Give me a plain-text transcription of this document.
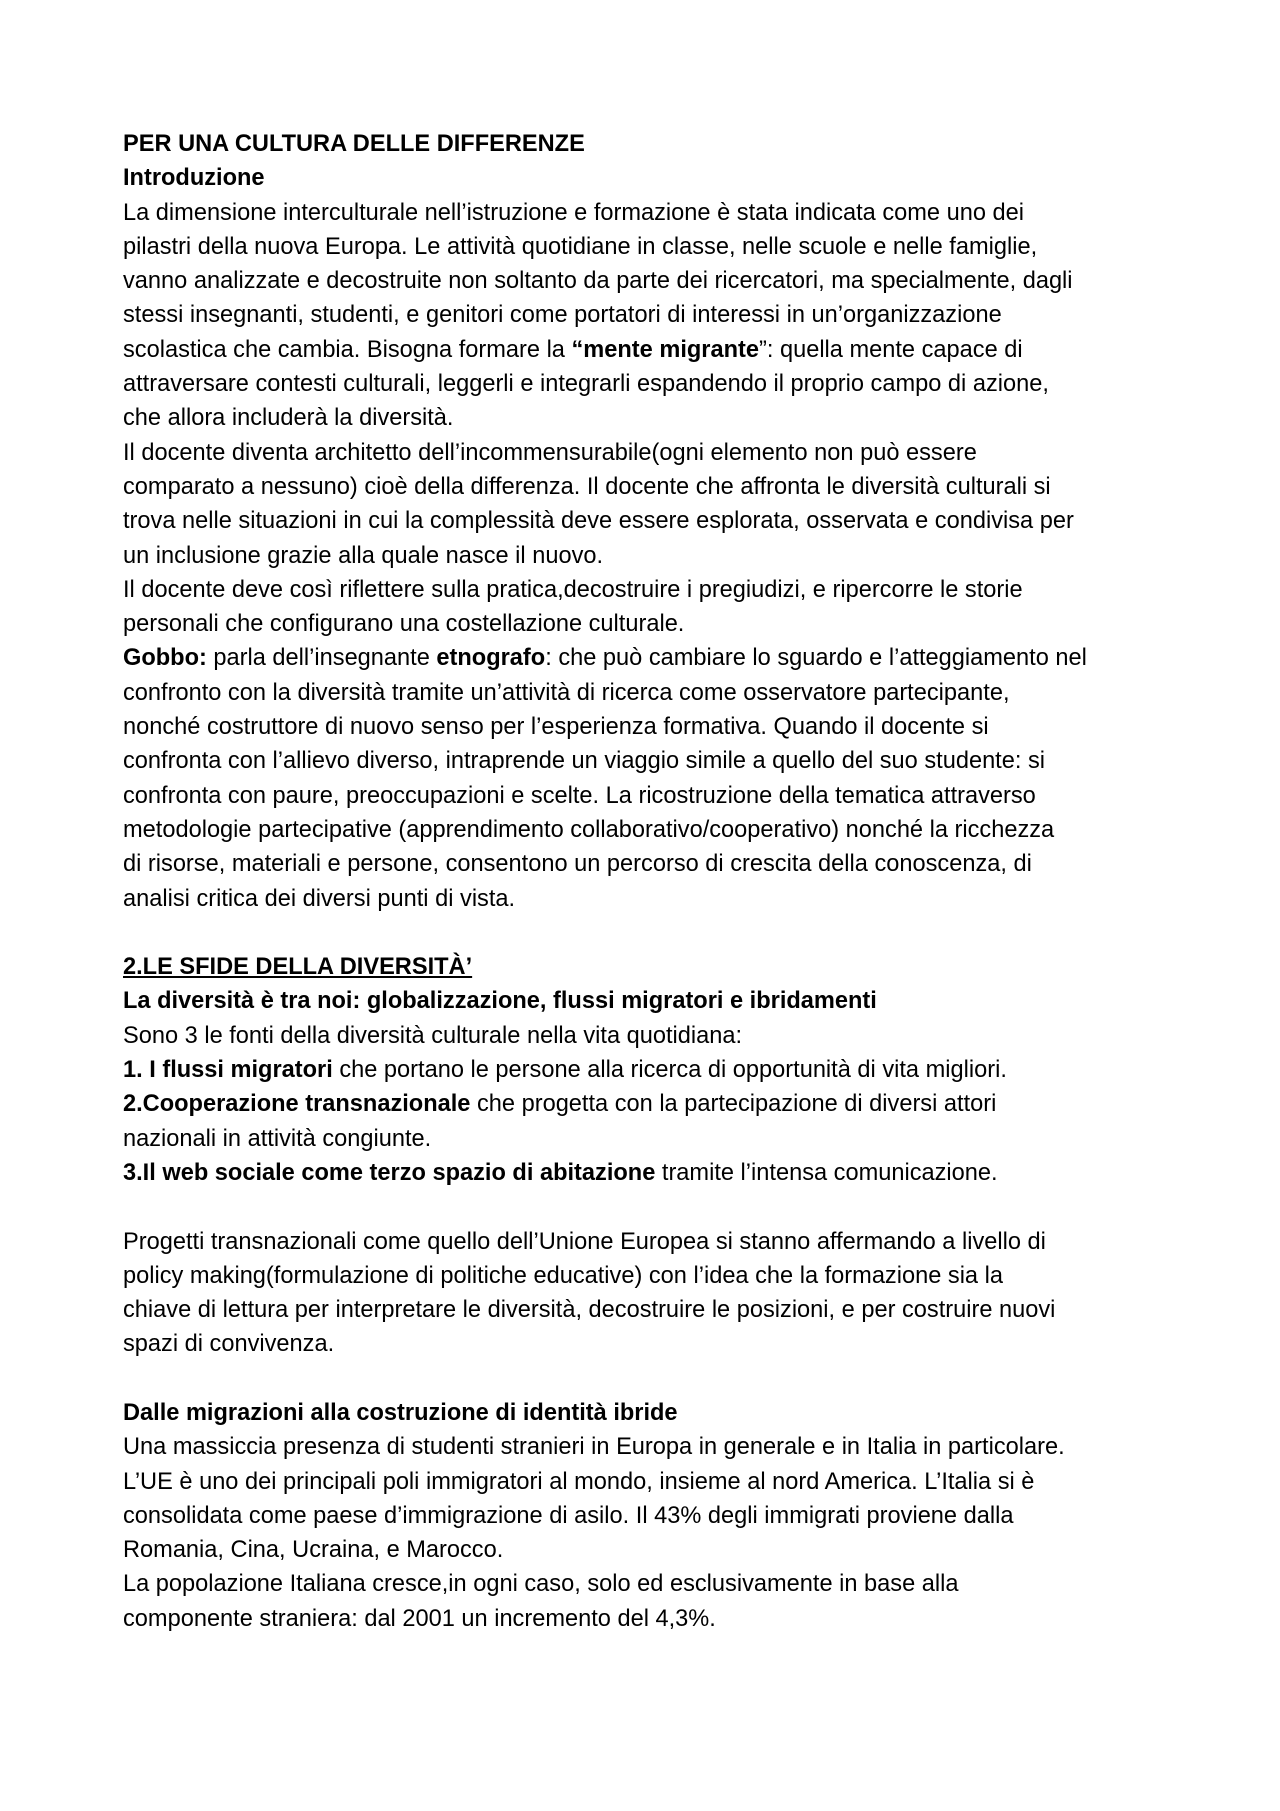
PER UNA CULTURA DELLE DIFFERENZE
Introduzione
La dimensione interculturale nell’istruzione e formazione è stata indicata come uno dei
pilastri della nuova Europa. Le attività quotidiane in classe, nelle scuole e nelle famiglie,
vanno analizzate e decostruite non soltanto da parte dei ricercatori, ma specialmente, dagli
stessi insegnanti, studenti, e genitori come portatori di interessi in un’organizzazione
scolastica che cambia. Bisogna formare la “mente migrante”: quella mente capace di
attraversare contesti culturali, leggerli e integrarli espandendo il proprio campo di azione,
che allora includerà la diversità.
Il docente diventa architetto dell’incommensurabile(ogni elemento non può essere
comparato a nessuno) cioè della differenza. Il docente che affronta le diversità culturali si
trova nelle situazioni in cui la complessità deve essere esplorata, osservata e condivisa per
un inclusione grazie alla quale nasce il nuovo.
Il docente deve così riflettere sulla pratica,decostruire i pregiudizi, e ripercorre le storie
personali che configurano una costellazione culturale.
Gobbo: parla dell’insegnante etnografo: che può cambiare lo sguardo e l’atteggiamento nel
confronto con la diversità tramite un’attività di ricerca come osservatore partecipante,
nonché costruttore di nuovo senso per l’esperienza formativa. Quando il docente si
confronta con l’allievo diverso, intraprende un viaggio simile a quello del suo studente: si
confronta con paure, preoccupazioni e scelte. La ricostruzione della tematica attraverso
metodologie partecipative (apprendimento collaborativo/cooperativo) nonché la ricchezza
di risorse, materiali e persone, consentono un percorso di crescita della conoscenza, di
analisi critica dei diversi punti di vista.
2.LE SFIDE DELLA DIVERSITÀ’
La diversità è tra noi: globalizzazione, flussi migratori e ibridamenti
Sono 3 le fonti della diversità culturale nella vita quotidiana:
1. I flussi migratori che portano le persone alla ricerca di opportunità di vita migliori.
2.Cooperazione transnazionale che progetta con la partecipazione di diversi attori
nazionali in attività congiunte.
3.Il web sociale come terzo spazio di abitazione tramite l’intensa comunicazione.
Progetti transnazionali come quello dell’Unione Europea si stanno affermando a livello di
policy making(formulazione di politiche educative) con l’idea che la formazione sia la
chiave di lettura per interpretare le diversità, decostruire le posizioni, e per costruire nuovi
spazi di convivenza.
Dalle migrazioni alla costruzione di identità ibride
Una massiccia presenza di studenti stranieri in Europa in generale e in Italia in particolare.
L’UE è uno dei principali poli immigratori al mondo, insieme al nord America. L’Italia si è
consolidata come paese d’immigrazione di asilo. Il 43% degli immigrati proviene dalla
Romania, Cina, Ucraina, e Marocco.
La popolazione Italiana cresce,in ogni caso, solo ed esclusivamente in base alla
componente straniera: dal 2001 un incremento del 4,3%.
